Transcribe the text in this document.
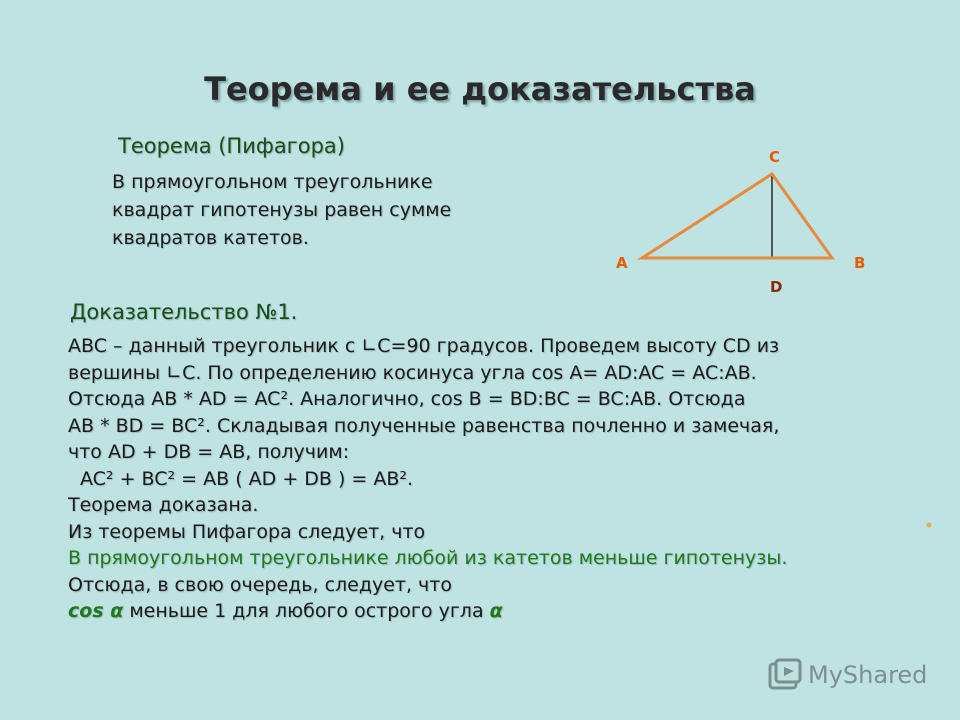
Теорема и ее доказательства
Теорема (Пифагора)
В прямоугольном треугольнике
квадрат гипотенузы равен сумме
квадратов катетов.
C
A	B
D
Доказательство №1.
ABC – данный треугольник с ∟C=90 градусов. Проведем высоту CD из
вершины ∟C. По определению косинуса угла cos A= AD:AC = AC:AB.
Отсюда AB * AD = AC². Аналогично, cos B = BD:BC = BC:AB. Отсюда
AB * BD = BC². Складывая полученные равенства почленно и замечая,
что AD + DB = AB, получим:
AC² + BC² = AB ( AD + DB ) = AB².
Теорема доказана.
Из теоремы Пифагора следует, что
В прямоугольном треугольнике любой из катетов меньше гипотенузы.
Отсюда, в свою очередь, следует, что
cos α меньше 1 для любого острого угла α
MyShared
